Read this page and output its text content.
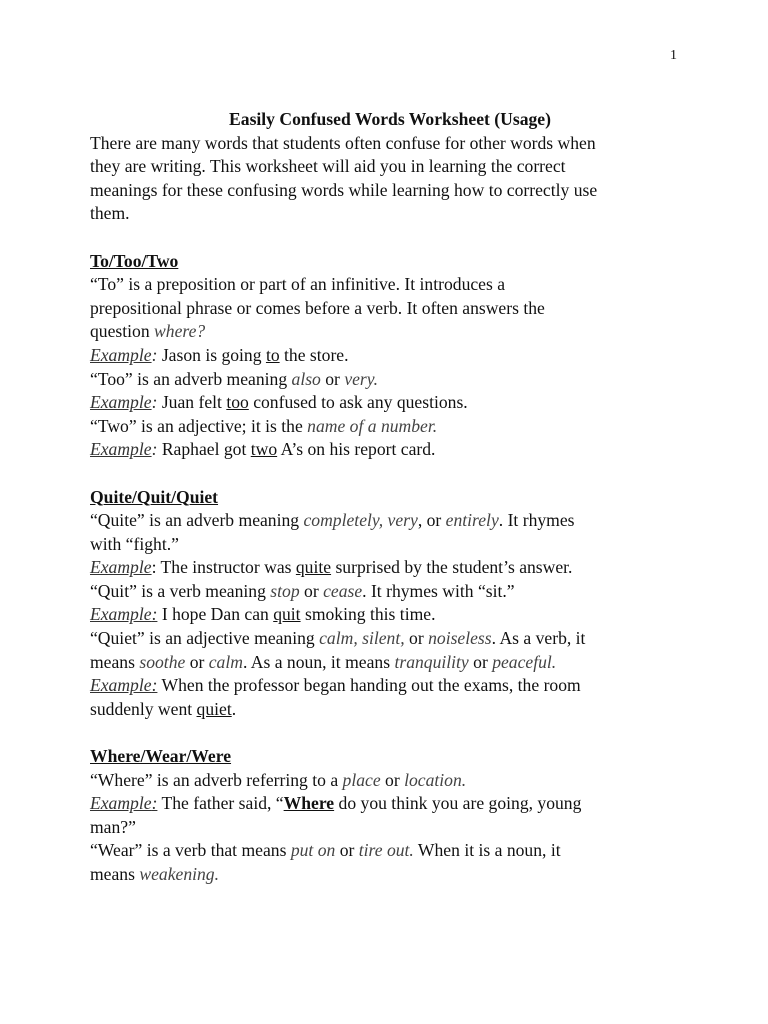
1

Easily Confused Words Worksheet (Usage)

There are many words that students often confuse for other words when

they are writing. This worksheet will aid you in learning the correct

meanings for these confusing words while learning how to correctly use

them.

To/Too/Two

“To” is a preposition or part of an infinitive. It introduces a

prepositional phrase or comes before a verb. It often answers the

question where?

Example: Jason is going to the store.

“Too” is an adverb meaning also or very.

Example: Juan felt too confused to ask any questions.

“Two” is an adjective; it is the name of a number.

Example: Raphael got two A’s on his report card.

Quite/Quit/Quiet

“Quite” is an adverb meaning completely, very, or entirely. It rhymes

with “fight.”

Example: The instructor was quite surprised by the student’s answer.

“Quit” is a verb meaning stop or cease. It rhymes with “sit.”

Example: I hope Dan can quit smoking this time.

“Quiet” is an adjective meaning calm, silent, or noiseless. As a verb, it

means soothe or calm. As a noun, it means tranquility or peaceful.

Example: When the professor began handing out the exams, the room

suddenly went quiet.

Where/Wear/Were

“Where” is an adverb referring to a place or location.

Example: The father said, “Where do you think you are going, young

man?”

“Wear” is a verb that means put on or tire out. When it is a noun, it

means weakening.
